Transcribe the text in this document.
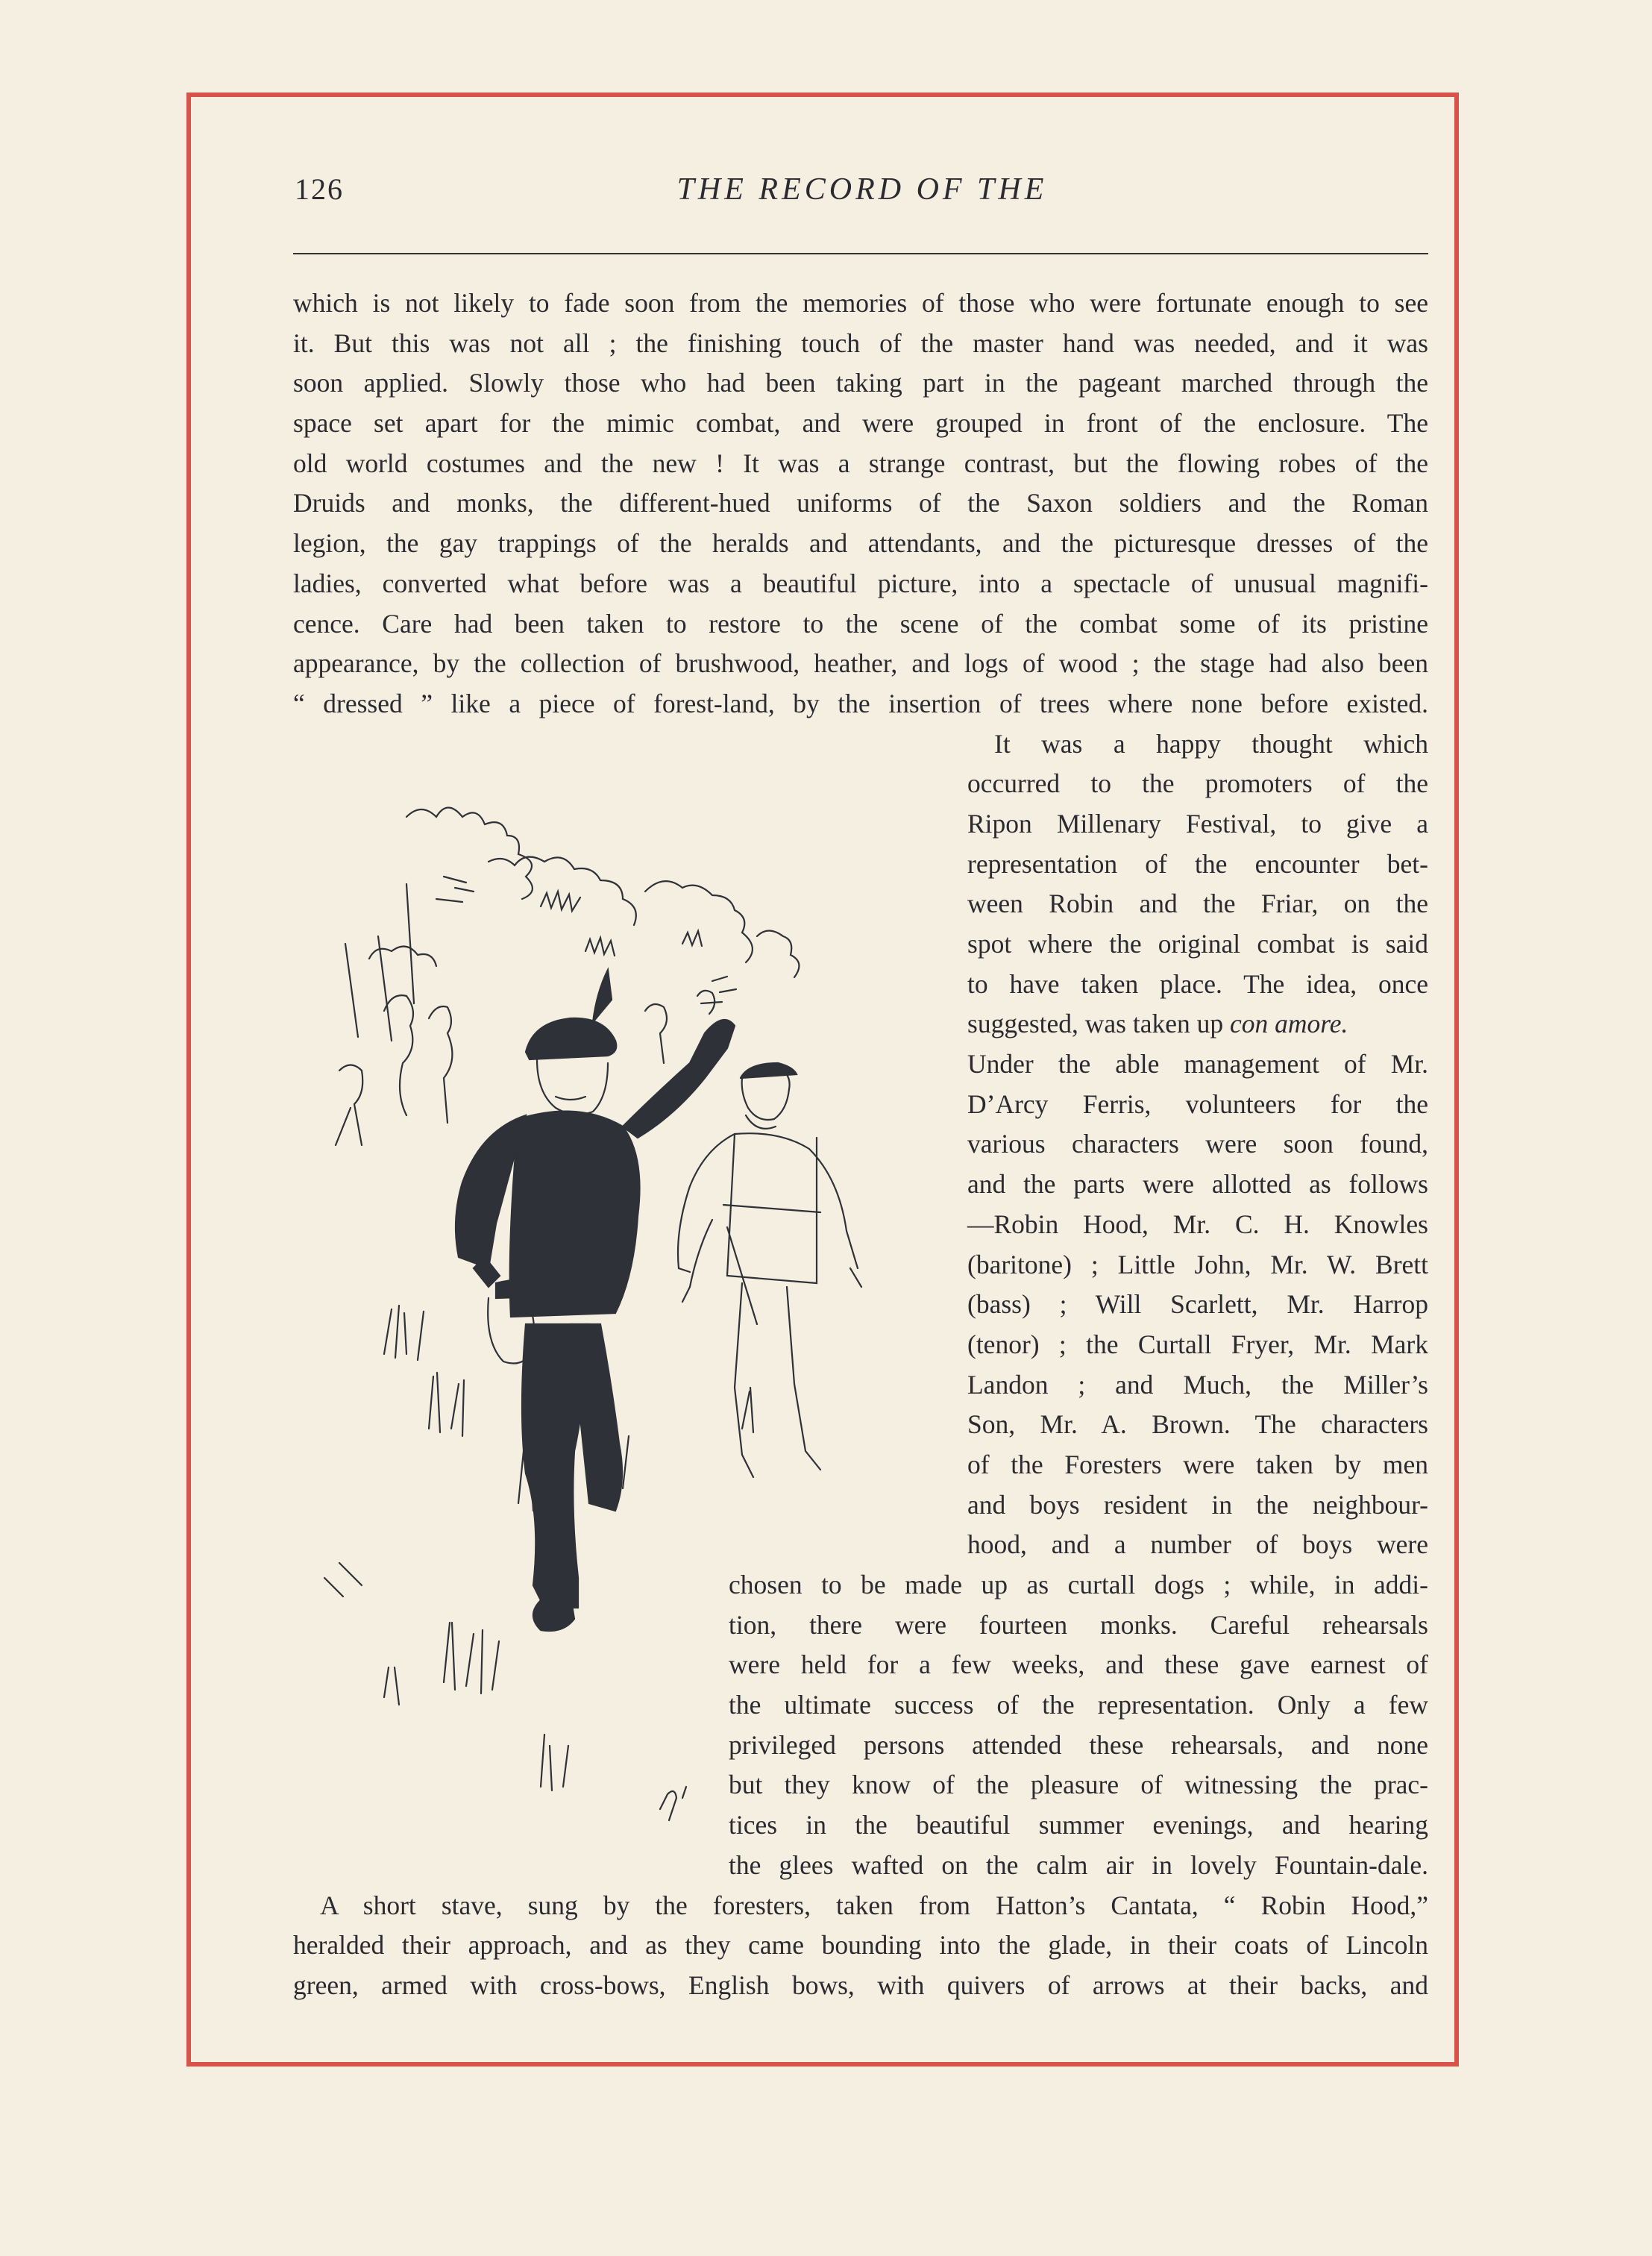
126	THE RECORD OF THE

which is not likely to fade soon from the memories of those who were fortunate enough to see
it. But this was not all ; the finishing touch of the master hand was needed, and it was
soon applied. Slowly those who had been taking part in the pageant marched through the
space set apart for the mimic combat, and were grouped in front of the enclosure. The
old world costumes and the new ! It was a strange contrast, but the flowing robes of the
Druids and monks, the different-hued uniforms of the Saxon soldiers and the Roman
legion, the gay trappings of the heralds and attendants, and the picturesque dresses of the
ladies, converted what before was a beautiful picture, into a spectacle of unusual magnifi-
cence. Care had been taken to restore to the scene of the combat some of its pristine
appearance, by the collection of brushwood, heather, and logs of wood ; the stage had also been
“ dressed ” like a piece of forest-land, by the insertion of trees where none before existed.

It was a happy thought which
occurred to the promoters of the
Ripon Millenary Festival, to give a
representation of the encounter bet-
ween Robin and the Friar, on the
spot where the original combat is said
to have taken place. The idea, once
suggested, was taken up con amore.
Under the able management of Mr.
D’Arcy Ferris, volunteers for the
various characters were soon found,
and the parts were allotted as follows
—Robin Hood, Mr. C. H. Knowles
(baritone) ; Little John, Mr. W. Brett
(bass) ; Will Scarlett, Mr. Harrop
(tenor) ; the Curtall Fryer, Mr. Mark
Landon ; and Much, the Miller’s
Son, Mr. A. Brown. The characters
of the Foresters were taken by men
and boys resident in the neighbour-
hood, and a number of boys were
chosen to be made up as curtall dogs ; while, in addi-
tion, there were fourteen monks. Careful rehearsals
were held for a few weeks, and these gave earnest of
the ultimate success of the representation. Only a few
privileged persons attended these rehearsals, and none
but they know of the pleasure of witnessing the prac-
tices in the beautiful summer evenings, and hearing
the glees wafted on the calm air in lovely Fountain-dale.

A short stave, sung by the foresters, taken from Hatton’s Cantata, “ Robin Hood,”
heralded their approach, and as they came bounding into the glade, in their coats of Lincoln
green, armed with cross-bows, English bows, with quivers of arrows at their backs, and
